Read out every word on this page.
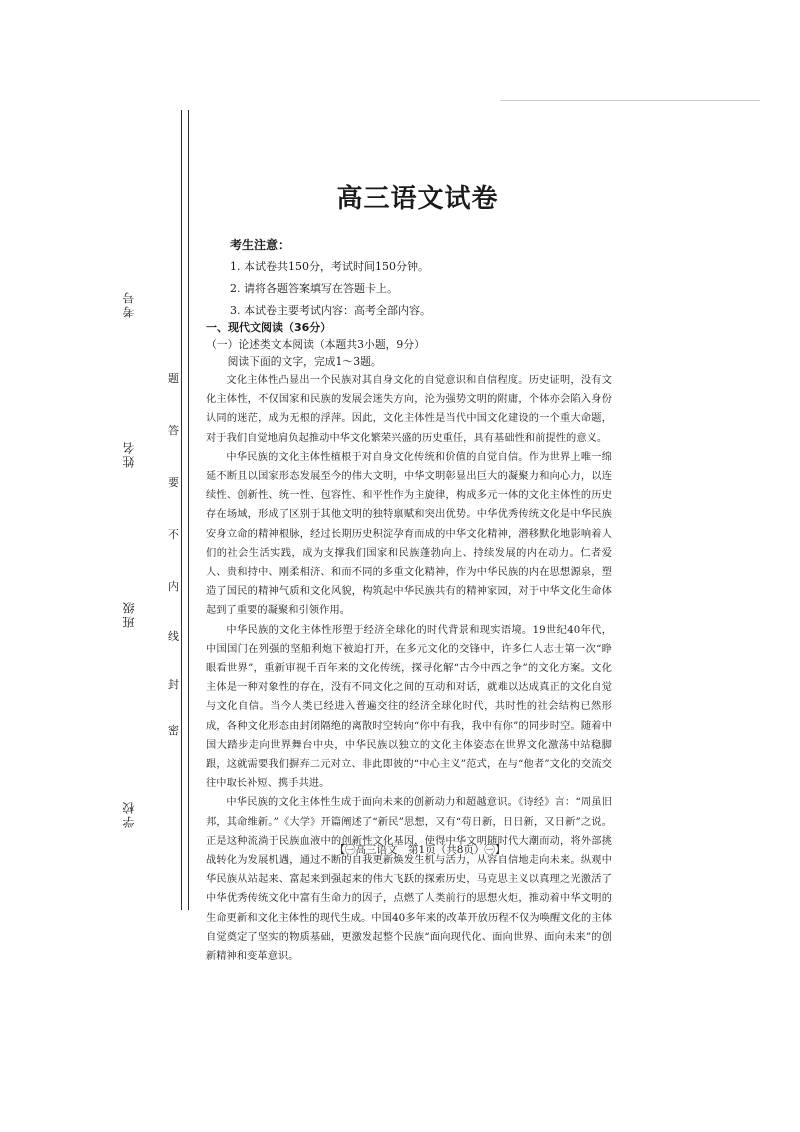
考号
姓名
班级
学校
题
答
要
不
内
线
封
密
高三语文试卷
考生注意：
1. 本试卷共150分，考试时间150分钟。
2. 请将各题答案填写在答题卡上。
3. 本试卷主要考试内容：高考全部内容。
一、现代文阅读（36分）
（一）论述类文本阅读（本题共3小题，9分）
阅读下面的文字，完成1～3题。

文化主体性凸显出一个民族对其自身文化的自觉意识和自信程度。历史证明，没有文化主体性，不仅国家和民族的发展会迷失方向，沦为强势文明的附庸，个体亦会陷入身份认同的迷茫，成为无根的浮萍。因此，文化主体性是当代中国文化建设的一个重大命题，对于我们自觉地肩负起推动中华文化繁荣兴盛的历史重任，具有基础性和前提性的意义。

中华民族的文化主体性植根于对自身文化传统和价值的自觉自信。作为世界上唯一绵延不断且以国家形态发展至今的伟大文明，中华文明彰显出巨大的凝聚力和向心力，以连续性、创新性、统一性、包容性、和平性作为主旋律，构成多元一体的文化主体性的历史存在场域，形成了区别于其他文明的独特禀赋和突出优势。中华优秀传统文化是中华民族安身立命的精神根脉，经过长期历史积淀孕育而成的中华文化精神，潜移默化地影响着人们的社会生活实践，成为支撑我们国家和民族蓬勃向上、持续发展的内在动力。仁者爱人、贵和持中、刚柔相济、和而不同的多重文化精神，作为中华民族的内在思想源泉，塑造了国民的精神气质和文化风貌，构筑起中华民族共有的精神家园，对于中华文化生命体起到了重要的凝聚和引领作用。

中华民族的文化主体性形塑于经济全球化的时代背景和现实语境。19世纪40年代，中国国门在列强的坚船利炮下被迫打开，在多元文化的交锋中，许多仁人志士第一次“睁眼看世界”，重新审视千百年来的文化传统，探寻化解“古今中西之争”的文化方案。文化主体是一种对象性的存在，没有不同文化之间的互动和对话，就难以达成真正的文化自觉与文化自信。当今人类已经进入普遍交往的经济全球化时代，共时性的社会结构已然形成，各种文化形态由封闭隔绝的离散时空转向“你中有我，我中有你”的同步时空。随着中国大踏步走向世界舞台中央，中华民族以独立的文化主体姿态在世界文化激荡中站稳脚跟，这就需要我们摒弃二元对立、非此即彼的“中心主义”范式，在与“他者”文化的交流交往中取长补短、携手共进。

中华民族的文化主体性生成于面向未来的创新动力和超越意识。《诗经》言：“周虽旧邦，其命维新。”《大学》开篇阐述了“新民”思想，又有“苟日新，日日新，又日新”之说。正是这种流淌于民族血液中的创新性文化基因，使得中华文明随时代大潮而动，将外部挑战转化为发展机遇，通过不断的自我更新焕发生机与活力，从容自信地走向未来。纵观中华民族从站起来、富起来到强起来的伟大飞跃的探索历史，马克思主义以真理之光激活了中华优秀传统文化中富有生命力的因子，点燃了人类前行的思想火炬，推动着中华文明的生命更新和文化主体性的现代生成。中国40多年来的改革开放历程不仅为唤醒文化的主体自觉奠定了坚实的物质基础，更激发起整个民族“面向现代化、面向世界、面向未来”的创新精神和变革意识。

【㊀高三语文　第1页（共8页）㊀】
